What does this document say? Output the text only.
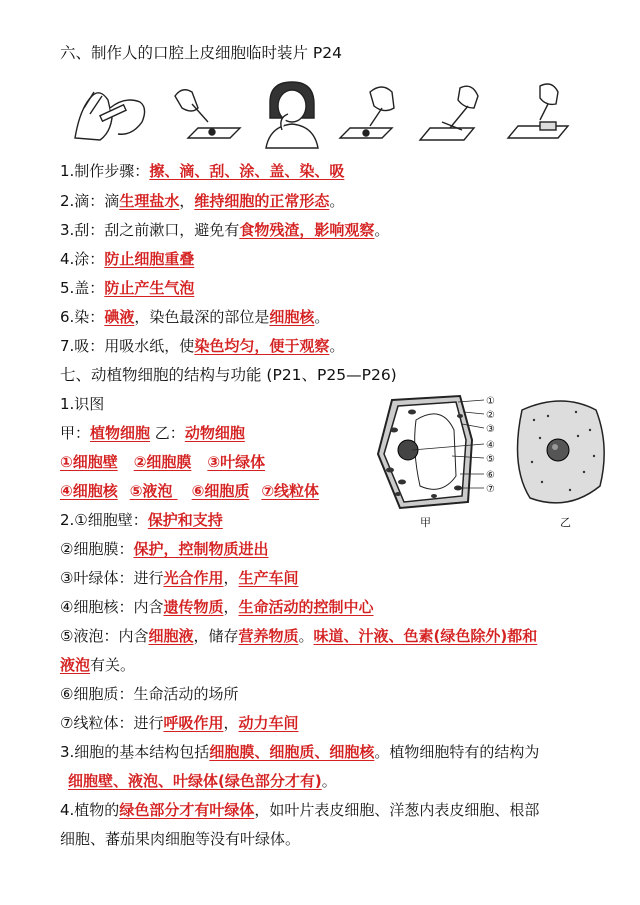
六、制作人的口腔上皮细胞临时装片 P24
1.制作步骤：擦、滴、刮、涂、盖、染、吸
2.滴：滴生理盐水，维持细胞的正常形态。
3.刮：刮之前漱口，避免有食物残渣，影响观察。
4.涂：防止细胞重叠
5.盖：防止产生气泡
6.染：碘液，染色最深的部位是细胞核。
7.吸：用吸水纸，使染色均匀，便于观察。
七、动植物细胞的结构与功能 (P21、P25—P26)
1.识图
甲：植物细胞 乙：动物细胞
①细胞壁 ②细胞膜 ③叶绿体
④细胞核 ⑤液泡 ⑥细胞质 ⑦线粒体
①
②
③
④
⑤
⑥
⑦
甲	乙
2.①细胞壁：保护和支持
②细胞膜：保护，控制物质进出
③叶绿体：进行光合作用，生产车间
④细胞核：内含遗传物质，生命活动的控制中心
⑤液泡：内含细胞液，储存营养物质。味道、汁液、色素(绿色除外)都和
液泡有关。
⑥细胞质：生命活动的场所
⑦线粒体：进行呼吸作用，动力车间
3.细胞的基本结构包括细胞膜、细胞质、细胞核。植物细胞特有的结构为
细胞壁、液泡、叶绿体(绿色部分才有)。
4.植物的绿色部分才有叶绿体，如叶片表皮细胞、洋葱内表皮细胞、根部
细胞、蕃茄果肉细胞等没有叶绿体。
